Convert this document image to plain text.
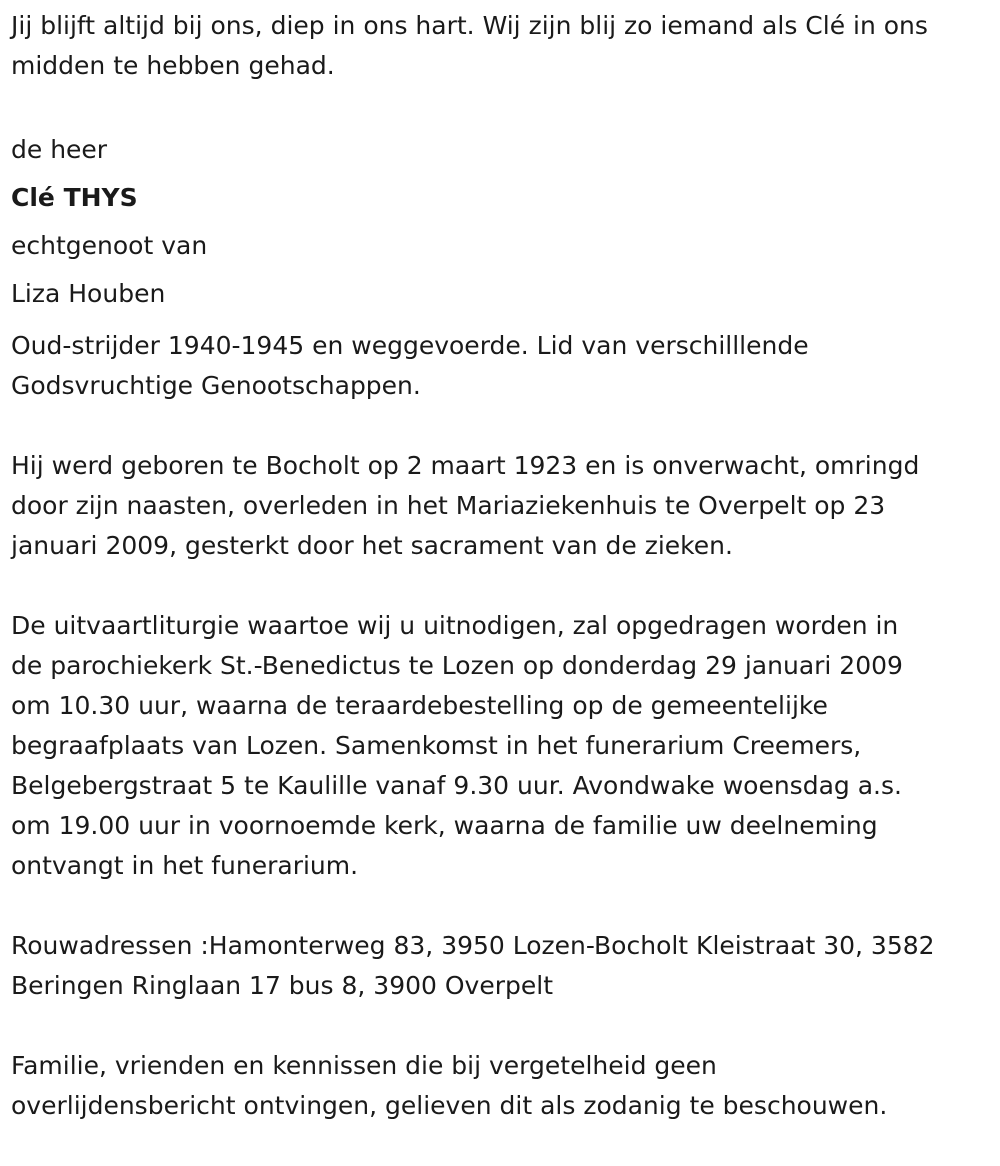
Jij blijft altijd bij ons, diep in ons hart. Wij zijn blij zo iemand als Clé in ons
midden te hebben gehad.

de heer
Clé THYS
echtgenoot van
Liza Houben

Oud-strijder 1940-1945 en weggevoerde. Lid van verschilllende
Godsvruchtige Genootschappen.

Hij werd geboren te Bocholt op 2 maart 1923 en is onverwacht, omringd
door zijn naasten, overleden in het Mariaziekenhuis te Overpelt op 23
januari 2009, gesterkt door het sacrament van de zieken.

De uitvaartliturgie waartoe wij u uitnodigen, zal opgedragen worden in
de parochiekerk St.-Benedictus te Lozen op donderdag 29 januari 2009
om 10.30 uur, waarna de teraardebestelling op de gemeentelijke
begraafplaats van Lozen. Samenkomst in het funerarium Creemers,
Belgebergstraat 5 te Kaulille vanaf 9.30 uur. Avondwake woensdag a.s.
om 19.00 uur in voornoemde kerk, waarna de familie uw deelneming
ontvangt in het funerarium.

Rouwadressen :Hamonterweg 83, 3950 Lozen-Bocholt Kleistraat 30, 3582
Beringen Ringlaan 17 bus 8, 3900 Overpelt

Familie, vrienden en kennissen die bij vergetelheid geen
overlijdensbericht ontvingen, gelieven dit als zodanig te beschouwen.
